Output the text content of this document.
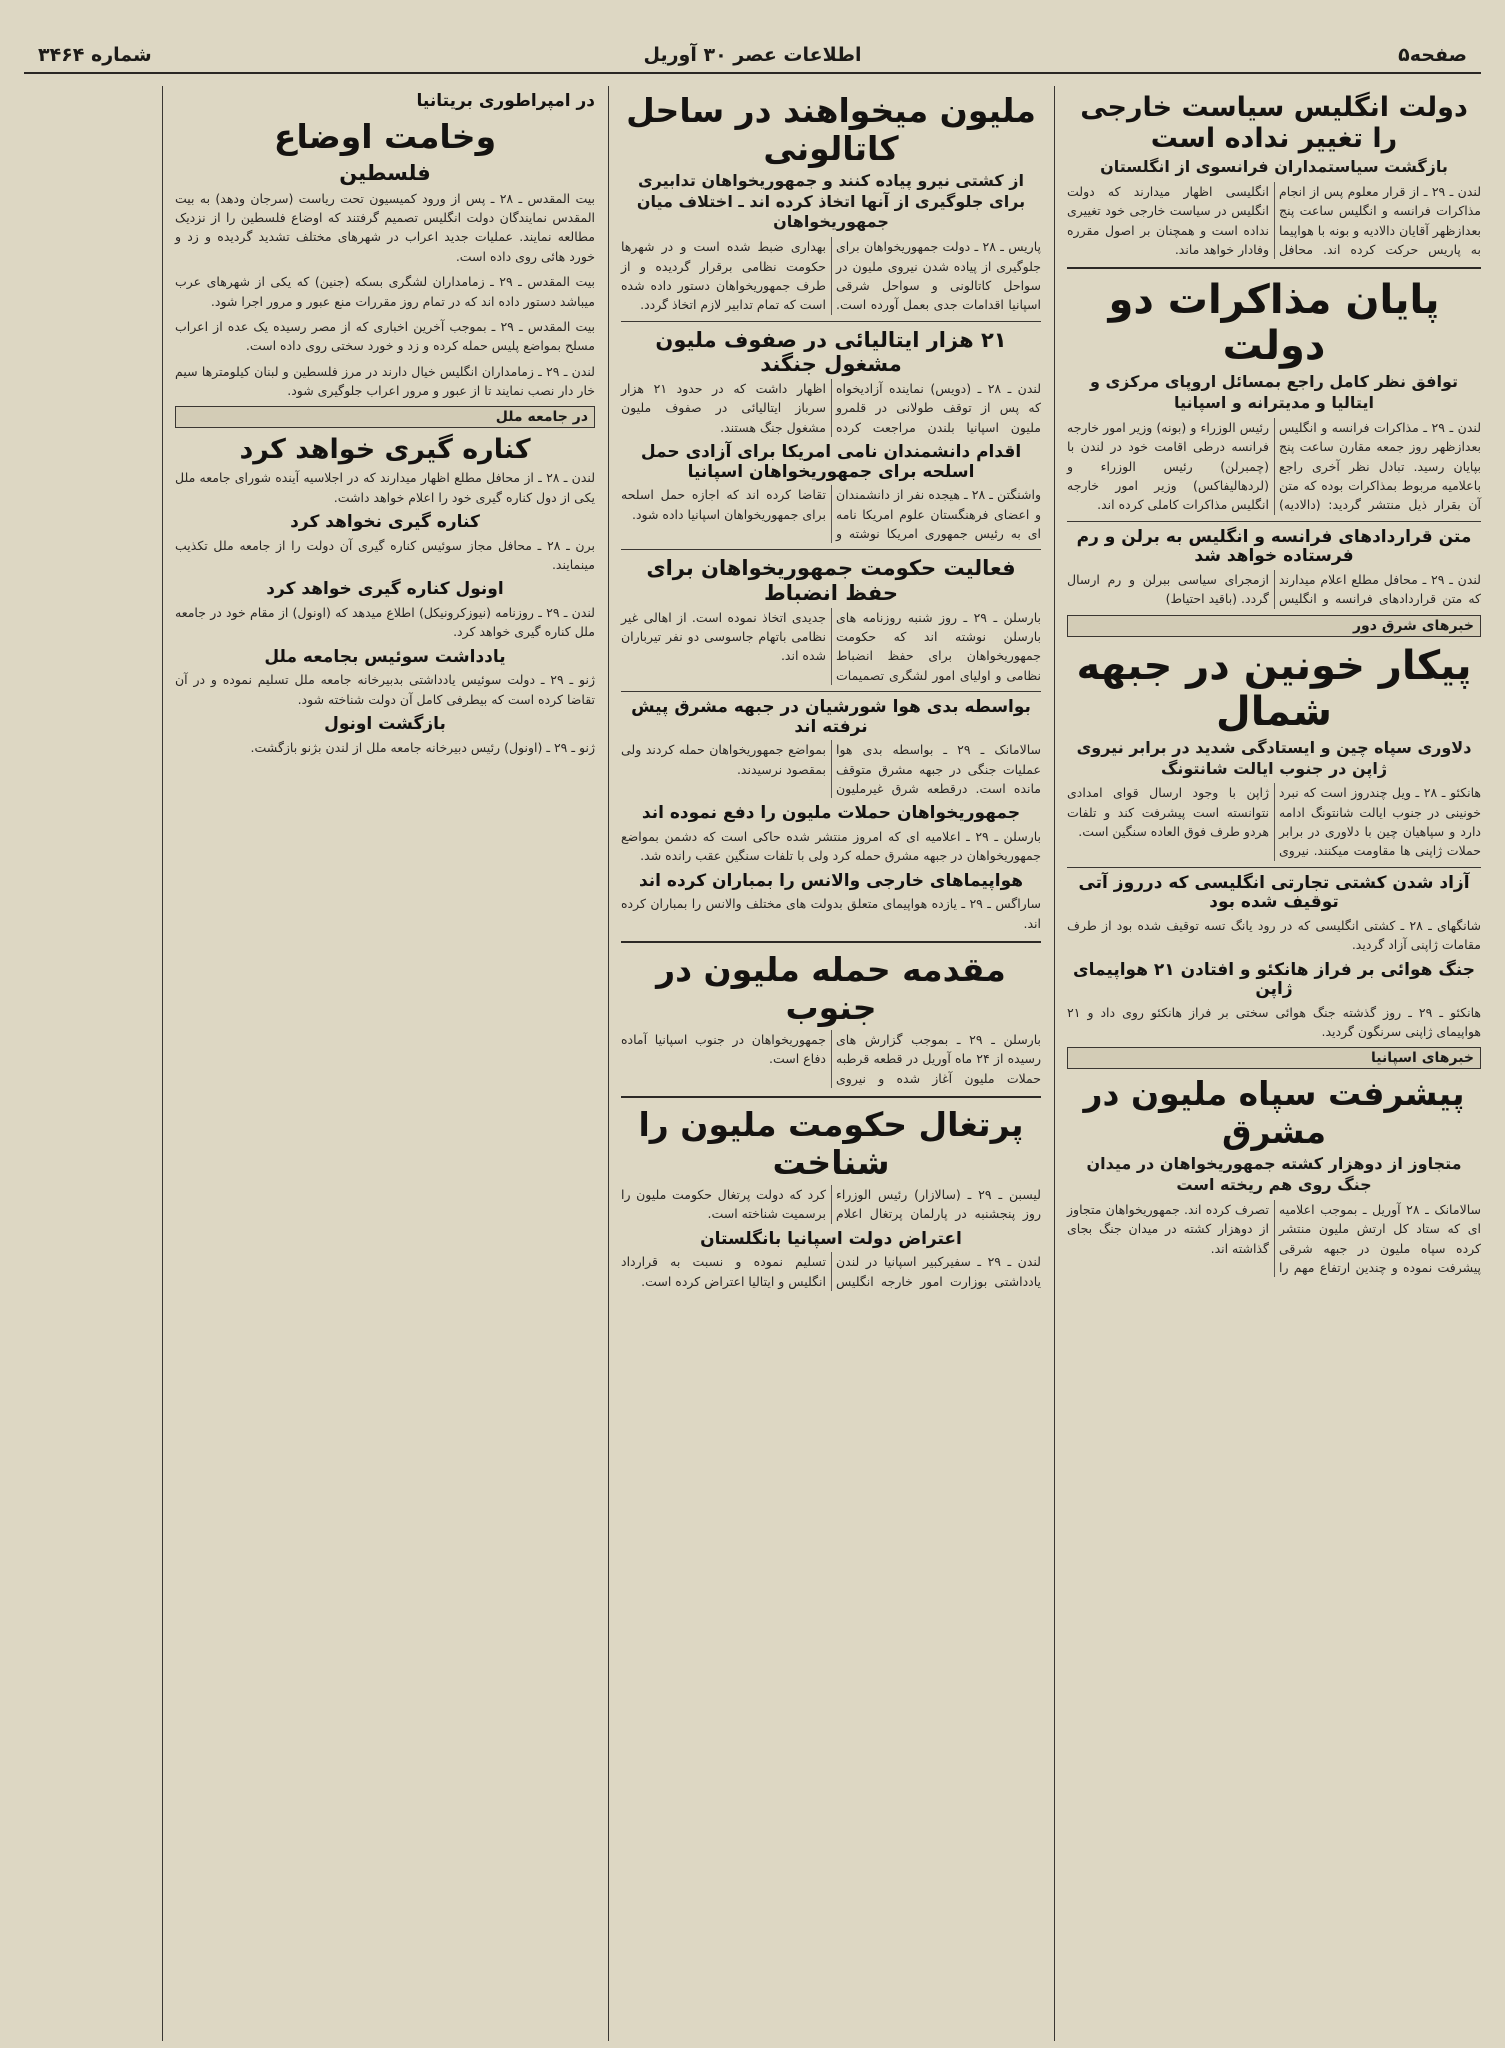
صفحه۵
اطلاعات عصر ۳۰ آوریل
شماره ۳۴۶۴
دولت انگلیس سیاست خارجی را تغییر نداده است
بازگشت سیاستمداران فرانسوی از انگلستان

لندن ـ ۲۹ ـ از قرار معلوم پس از انجام مذاکرات فرانسه و انگلیس ساعت پنج بعدازظهر آقایان دالادیه و بونه با هواپیما به پاریس حرکت کرده اند. محافل انگلیسی اظهار میدارند که دولت انگلیس در سیاست خارجی خود تغییری نداده است و همچنان بر اصول مقرره وفادار خواهد ماند.

پایان مذاکرات دو دولت
توافق نظر کامل راجع بمسائل اروپای مرکزی و ایتالیا و مدیترانه و اسپانیا

لندن ـ ۲۹ ـ مذاکرات فرانسه و انگلیس بعدازظهر روز جمعه مقارن ساعت پنج بپایان رسید. تبادل نظر آخری راجع باعلامیه مربوط بمذاکرات بوده که متن آن بقرار ذیل منتشر گردید: (دالادیه) رئیس الوزراء و (بونه) وزیر امور خارجه فرانسه درطی اقامت خود در لندن با (چمبرلن) رئیس الوزراء و (لردهالیفاکس) وزیر امور خارجه انگلیس مذاکرات کاملی کرده اند.

متن قراردادهای فرانسه و انگلیس به برلن و رم فرستاده خواهد شد

لندن ـ ۲۹ ـ محافل مطلع اعلام میدارند که متن قراردادهای فرانسه و انگلیس ازمجرای سیاسی ببرلن و رم ارسال گردد. (باقید احتیاط)

خبرهای شرق دور
پیکار خونین در جبهه شمال
دلاوری سپاه چین و ایستادگی شدید در برابر نیروی ژاپن در جنوب ایالت شانتونگ

هانکئو ـ ۲۸ ـ ویل چندروز است که نبرد خونینی در جنوب ایالت شانتونگ ادامه دارد و سپاهیان چین با دلاوری در برابر حملات ژاپنی ها مقاومت میکنند. نیروی ژاپن با وجود ارسال قوای امدادی نتوانسته است پیشرفت کند و تلفات هردو طرف فوق العاده سنگین است.

آزاد شدن کشتی تجارتی انگلیسی که درروز آتی توقیف شده بود

شانگهای ـ ۲۸ ـ کشتی انگلیسی که در رود یانگ تسه توقیف شده بود از طرف مقامات ژاپنی آزاد گردید.

جنگ هوائی بر فراز هانکئو و افتادن ۲۱ هواپیمای ژاپن

هانکئو ـ ۲۹ ـ روز گذشته جنگ هوائی سختی بر فراز هانکئو روی داد و ۲۱ هواپیمای ژاپنی سرنگون گردید.

خبرهای اسپانیا
پیشرفت سپاه ملیون در مشرق
متجاوز از دوهزار کشته جمهوریخواهان در میدان جنگ روی هم ریخته است

سالامانک ـ ۲۸ آوریل ـ بموجب اعلامیه ای که ستاد کل ارتش ملیون منتشر کرده سپاه ملیون در جبهه شرقی پیشرفت نموده و چندین ارتفاع مهم را تصرف کرده اند. جمهوریخواهان متجاوز از دوهزار کشته در میدان جنگ بجای گذاشته اند.

ملیون میخواهند در ساحل کاتالونی
از کشتی نیرو پیاده کنند و جمهوریخواهان تدابیری برای جلوگیری از آنها اتخاذ کرده اند ـ اختلاف میان جمهوریخواهان

پاریس ـ ۲۸ ـ دولت جمهوریخواهان برای جلوگیری از پیاده شدن نیروی ملیون در سواحل کاتالونی و سواحل شرقی اسپانیا اقدامات جدی بعمل آورده است. بهداری ضبط شده است و در شهرها حکومت نظامی برقرار گردیده و از طرف جمهوریخواهان دستور داده شده است که تمام تدابیر لازم اتخاذ گردد.

۲۱ هزار ایتالیائی در صفوف ملیون مشغول جنگند

لندن ـ ۲۸ ـ (دویس) نماینده آزادیخواه که پس از توقف طولانی در قلمرو ملیون اسپانیا بلندن مراجعت کرده اظهار داشت که در حدود ۲۱ هزار سرباز ایتالیائی در صفوف ملیون مشغول جنگ هستند.

اقدام دانشمندان نامی امریکا برای آزادی حمل اسلحه برای جمهوریخواهان اسپانیا

واشنگتن ـ ۲۸ ـ هیجده نفر از دانشمندان و اعضای فرهنگستان علوم امریکا نامه ای به رئیس جمهوری امریکا نوشته و تقاضا کرده اند که اجازه حمل اسلحه برای جمهوریخواهان اسپانیا داده شود.

فعالیت حکومت جمهوریخواهان برای حفظ انضباط

بارسلن ـ ۲۹ ـ روز شنبه روزنامه های بارسلن نوشته اند که حکومت جمهوریخواهان برای حفظ انضباط نظامی و اولیای امور لشگری تصمیمات جدیدی اتخاذ نموده است. از اهالی غیر نظامی باتهام جاسوسی دو نفر تیرباران شده اند.

بواسطه بدی هوا شورشیان در جبهه مشرق پیش نرفته اند

سالامانک ـ ۲۹ ـ بواسطه بدی هوا عملیات جنگی در جبهه مشرق متوقف مانده است. درقطعه شرق غیرملیون بمواضع جمهوریخواهان حمله کردند ولی بمقصود نرسیدند.

جمهوریخواهان حملات ملیون را دفع نموده اند

بارسلن ـ ۲۹ ـ اعلامیه ای که امروز منتشر شده حاکی است که دشمن بمواضع جمهوریخواهان در جبهه مشرق حمله کرد ولی با تلفات سنگین عقب رانده شد.

هواپیماهای خارجی والانس را بمباران کرده اند

ساراگس ـ ۲۹ ـ یازده هواپیمای متعلق بدولت های مختلف والانس را بمباران کرده اند.

مقدمه حمله ملیون در جنوب

بارسلن ـ ۲۹ ـ بموجب گزارش های رسیده از ۲۴ ماه آوریل در قطعه قرطبه حملات ملیون آغاز شده و نیروی جمهوریخواهان در جنوب اسپانیا آماده دفاع است.

پرتغال حکومت ملیون را شناخت

لیسبن ـ ۲۹ ـ (سالازار) رئیس الوزراء روز پنجشنبه در پارلمان پرتغال اعلام کرد که دولت پرتغال حکومت ملیون را برسمیت شناخته است.

اعتراض دولت اسپانیا بانگلستان

لندن ـ ۲۹ ـ سفیرکبیر اسپانیا در لندن یادداشتی بوزارت امور خارجه انگلیس تسلیم نموده و نسبت به قرارداد انگلیس و ایتالیا اعتراض کرده است.

در امپراطوری بریتانیا
وخامت اوضاع
فلسطین

بیت المقدس ـ ۲۸ ـ پس از ورود کمیسیون تحت ریاست (سرجان ودهد) به بیت المقدس نمایندگان دولت انگلیس تصمیم گرفتند که اوضاع فلسطین را از نزدیک مطالعه نمایند. عملیات جدید اعراب در شهرهای مختلف تشدید گردیده و زد و خورد هائی روی داده است.

بیت المقدس ـ ۲۹ ـ زمامداران لشگری بسکه (جنین) که یکی از شهرهای عرب میباشد دستور داده اند که در تمام روز مقررات منع عبور و مرور اجرا شود.

بیت المقدس ـ ۲۹ ـ بموجب آخرین اخباری که از مصر رسیده یک عده از اعراب مسلح بمواضع پلیس حمله کرده و زد و خورد سختی روی داده است.

لندن ـ ۲۹ ـ زمامداران انگلیس خیال دارند در مرز فلسطین و لبنان کیلومترها سیم خار دار نصب نمایند تا از عبور و مرور اعراب جلوگیری شود.

در جامعه ملل
کناره گیری خواهد کرد

لندن ـ ۲۸ ـ از محافل مطلع اظهار میدارند که در اجلاسیه آینده شورای جامعه ملل یکی از دول کناره گیری خود را اعلام خواهد داشت.

کناره گیری نخواهد کرد

برن ـ ۲۸ ـ محافل مجاز سوئیس کناره گیری آن دولت را از جامعه ملل تکذیب مینمایند.

اونول کناره گیری خواهد کرد

لندن ـ ۲۹ ـ روزنامه (نیوزکرونیکل) اطلاع میدهد که (اونول) از مقام خود در جامعه ملل کناره گیری خواهد کرد.

یادداشت سوئیس بجامعه ملل

ژنو ـ ۲۹ ـ دولت سوئیس یادداشتی بدبیرخانه جامعه ملل تسلیم نموده و در آن تقاضا کرده است که بیطرفی کامل آن دولت شناخته شود.

بازگشت اونول

ژنو ـ ۲۹ ـ (اونول) رئیس دبیرخانه جامعه ملل از لندن بژنو بازگشت.
